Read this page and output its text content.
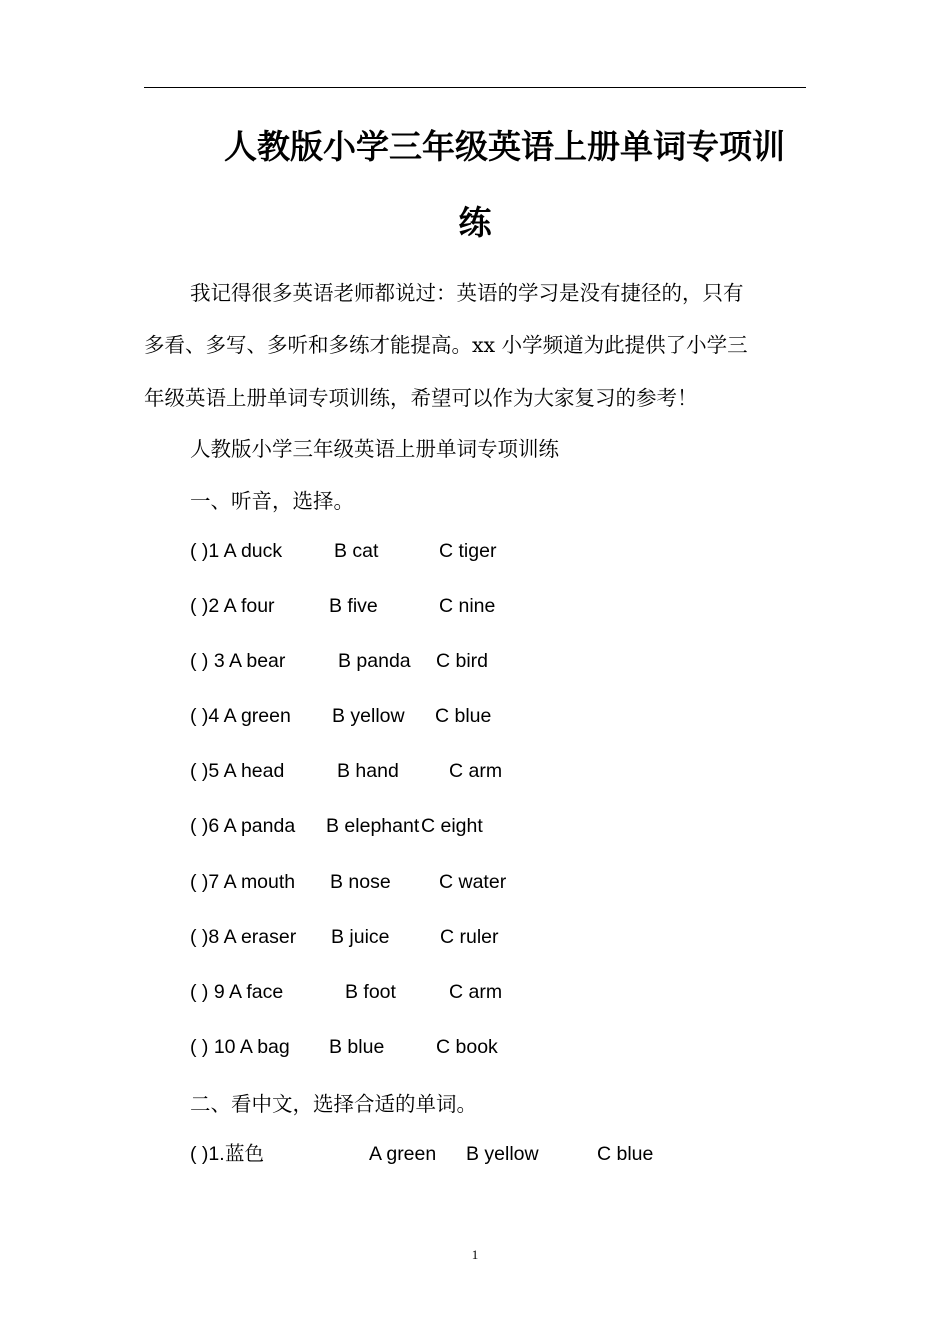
人教版小学三年级英语上册单词专项训
练
我记得很多英语老师都说过：英语的学习是没有捷径的，只有
多看、多写、多听和多练才能提高。xx 小学频道为此提供了小学三
年级英语上册单词专项训练，希望可以作为大家复习的参考！
人教版小学三年级英语上册单词专项训练
一、听音，选择。
( )1 A duck	B cat	C tiger
( )2 A four	B five	C nine
( ) 3 A bear	B panda C bird
( )4 A green B yellow C blue
( )5 A head	B hand	C arm
( )6 A panda B elephant C eight
( )7 A mouth B nose C water
( )8 A eraser B juice	C ruler
( ) 9 A face	B foot	C arm
( ) 10 A bag B blue	C book
二、看中文，选择合适的单词。
( )1. 蓝色	A green B yellow	C blue
1
